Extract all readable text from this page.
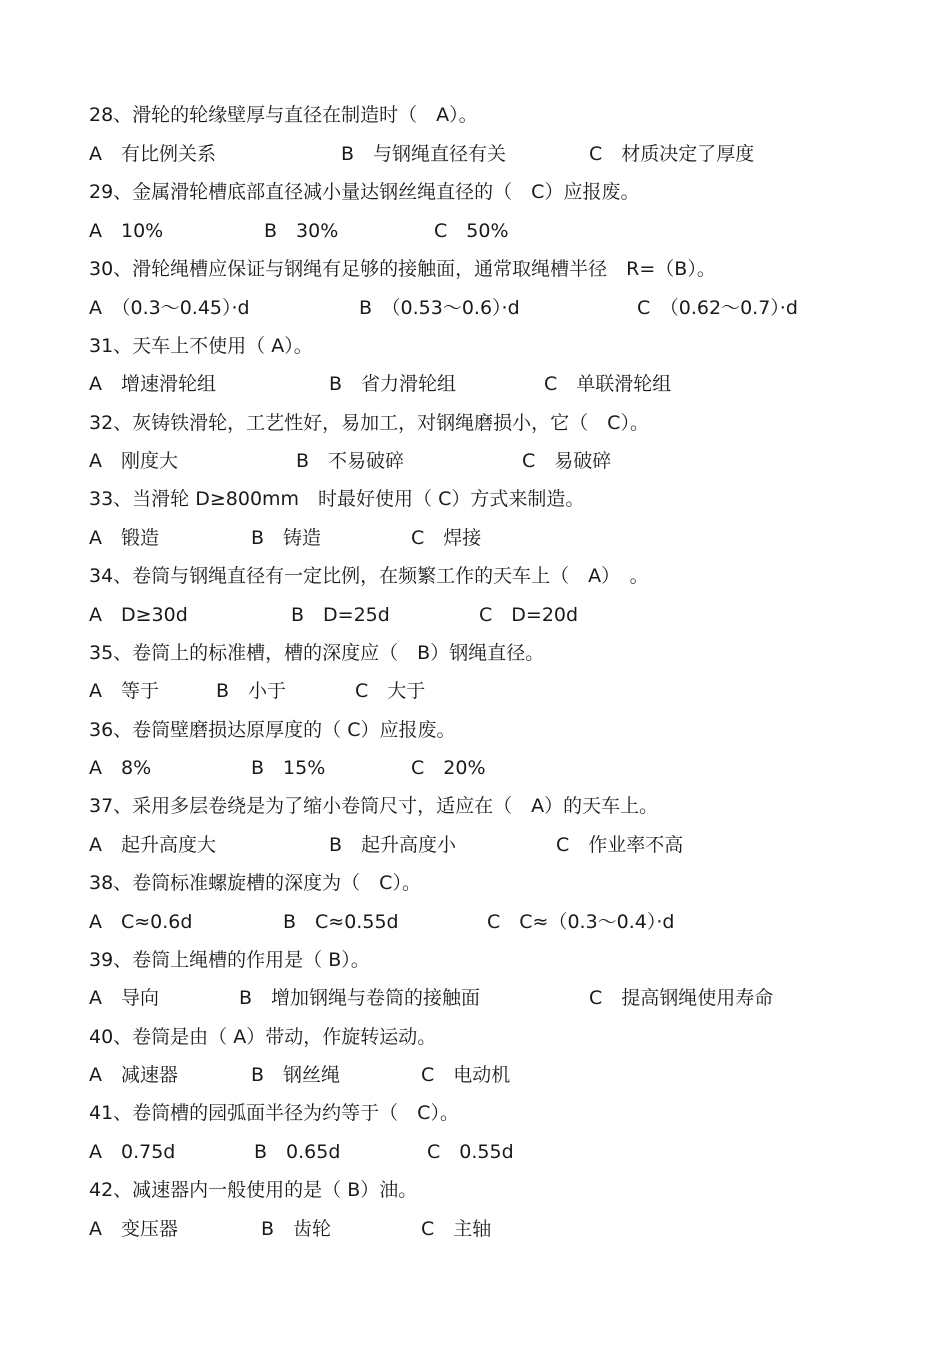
28、滑轮的轮缘壁厚与直径在制造时（　A）。
A　有比例关系	B　与钢绳直径有关	C　材质决定了厚度
29、金属滑轮槽底部直径减小量达钢丝绳直径的（　C）应报废。
A　10%	B　30%	C　50%
30、滑轮绳槽应保证与钢绳有足够的接触面，通常取绳槽半径　R=（B）。
A　（0.3～0.45）·d	B　（0.53～0.6）·d	C　（0.62～0.7）·d
31、天车上不使用（ A）。
A　增速滑轮组	B　省力滑轮组	C　单联滑轮组
32、灰铸铁滑轮，工艺性好，易加工，对钢绳磨损小，它（　C）。
A　刚度大	B　不易破碎	C　易破碎
33、当滑轮 D≥800mm　时最好使用（ C）方式来制造。
A　锻造	B　铸造	C　焊接
34、卷筒与钢绳直径有一定比例，在频繁工作的天车上（　A）　。
A　D≥30d	B　D=25d	C　D=20d
35、卷筒上的标准槽，槽的深度应（　B）钢绳直径。
A　等于	B　小于	C　大于
36、卷筒壁磨损达原厚度的（ C）应报废。
A　8%	B　15%	C　20%
37、采用多层卷绕是为了缩小卷筒尺寸，适应在（　A）的天车上。
A　起升高度大	B　起升高度小	C　作业率不高
38、卷筒标准螺旋槽的深度为（　C）。
A　C≈0.6d	B　C≈0.55d	C　C≈（0.3～0.4）·d
39、卷筒上绳槽的作用是（ B）。
A　导向	B　增加钢绳与卷筒的接触面	C　提高钢绳使用寿命
40、卷筒是由（ A）带动，作旋转运动。
A　减速器	B　钢丝绳	C　电动机
41、卷筒槽的园弧面半径为约等于（　C）。
A　0.75d	B　0.65d	C　0.55d
42、减速器内一般使用的是（ B）油。
A　变压器	B　齿轮	C　主轴
